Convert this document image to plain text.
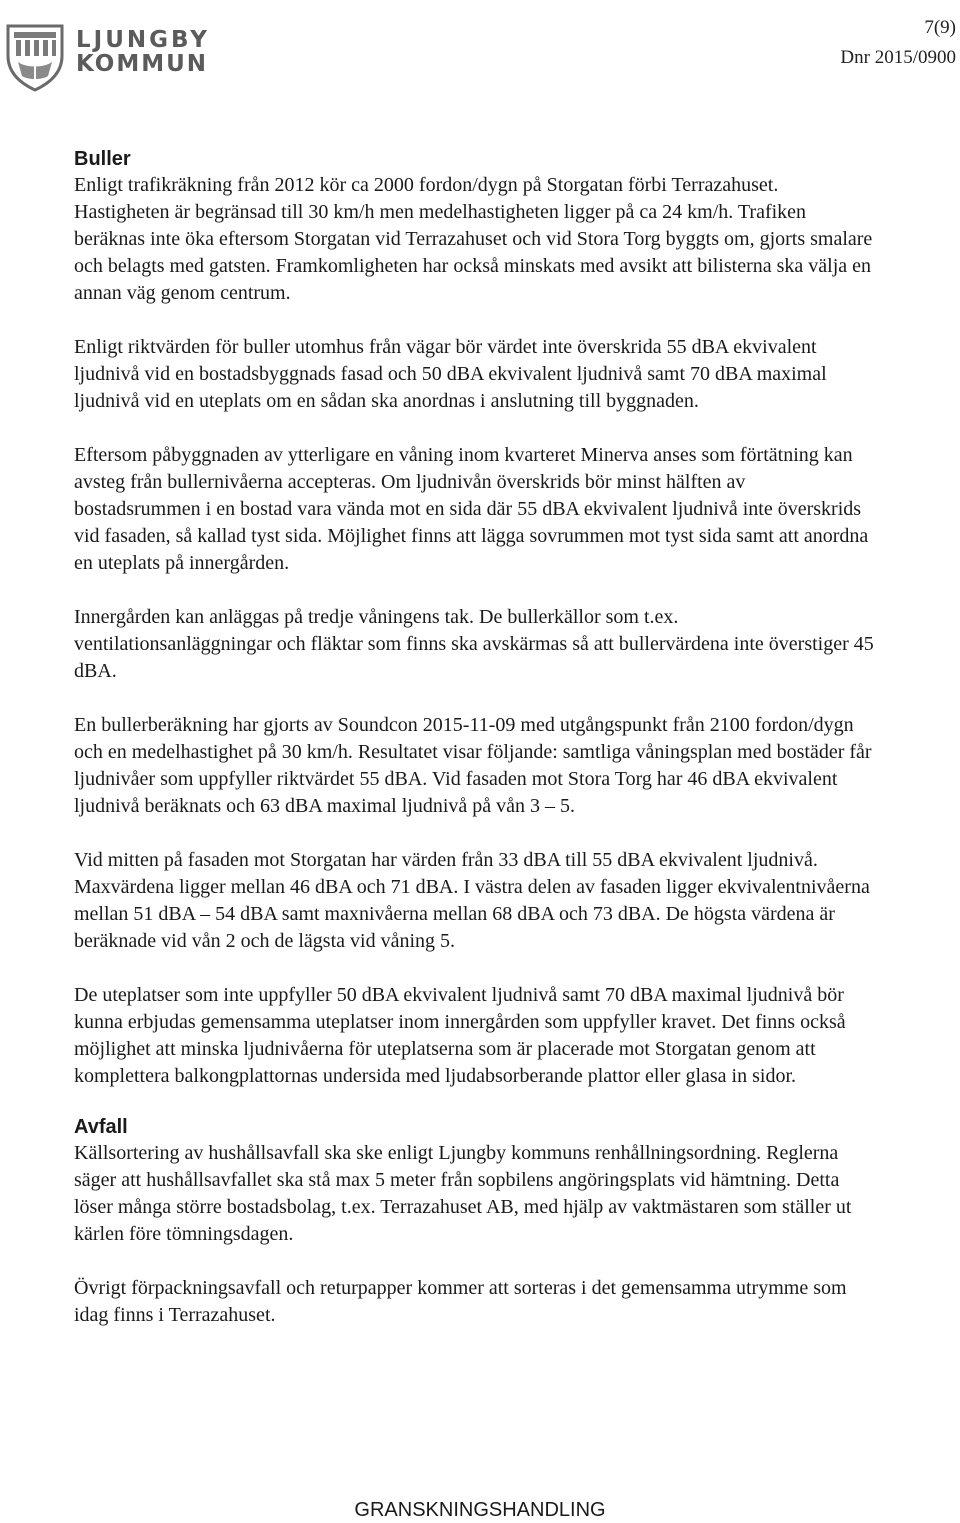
LJUNGBY
KOMMUN
7(9)
Dnr 2015/0900
Buller

Enligt trafikräkning från 2012 kör ca 2000 fordon/dygn på Storgatan förbi Terrazahuset. Hastigheten är begränsad till 30 km/h men medelhastigheten ligger på ca 24 km/h. Trafiken beräknas inte öka eftersom Storgatan vid Terrazahuset och vid Stora Torg byggts om, gjorts smalare och belagts med gatsten. Framkomligheten har också minskats med avsikt att bilisterna ska välja en annan väg genom centrum.

Enligt riktvärden för buller utomhus från vägar bör värdet inte överskrida 55 dBA ekvivalent ljudnivå vid en bostadsbyggnads fasad och 50 dBA ekvivalent ljudnivå samt 70 dBA maximal ljudnivå vid en uteplats om en sådan ska anordnas i anslutning till byggnaden.

Eftersom påbyggnaden av ytterligare en våning inom kvarteret Minerva anses som förtätning kan avsteg från bullernivåerna accepteras. Om ljudnivån överskrids bör minst hälften av bostadsrummen i en bostad vara vända mot en sida där 55 dBA ekvivalent ljudnivå inte överskrids vid fasaden, så kallad tyst sida. Möjlighet finns att lägga sovrummen mot tyst sida samt att anordna en uteplats på innergården.

Innergården kan anläggas på tredje våningens tak. De bullerkällor som t.ex. ventilationsanläggningar och fläktar som finns ska avskärmas så att bullervärdena inte överstiger 45 dBA.

En bullerberäkning har gjorts av Soundcon 2015-11-09 med utgångspunkt från 2100 fordon/dygn och en medelhastighet på 30 km/h. Resultatet visar följande: samtliga våningsplan med bostäder får ljudnivåer som uppfyller riktvärdet 55 dBA. Vid fasaden mot Stora Torg har 46 dBA ekvivalent ljudnivå beräknats och 63 dBA maximal ljudnivå på vån 3 – 5.

Vid mitten på fasaden mot Storgatan har värden från 33 dBA till 55 dBA ekvivalent ljudnivå. Maxvärdena ligger mellan 46 dBA och 71 dBA. I västra delen av fasaden ligger ekvivalentnivåerna mellan 51 dBA – 54 dBA samt maxnivåerna mellan 68 dBA och 73 dBA. De högsta värdena är beräknade vid vån 2 och de lägsta vid våning 5.

De uteplatser som inte uppfyller 50 dBA ekvivalent ljudnivå samt 70 dBA maximal ljudnivå bör kunna erbjudas gemensamma uteplatser inom innergården som uppfyller kravet. Det finns också möjlighet att minska ljudnivåerna för uteplatserna som är placerade mot Storgatan genom att komplettera balkongplattornas undersida med ljudabsorberande plattor eller glasa in sidor.

Avfall

Källsortering av hushållsavfall ska ske enligt Ljungby kommuns renhållningsordning. Reglerna säger att hushållsavfallet ska stå max 5 meter från sopbilens angöringsplats vid hämtning. Detta löser många större bostadsbolag, t.ex. Terrazahuset AB, med hjälp av vaktmästaren som ställer ut kärlen före tömningsdagen.

Övrigt förpackningsavfall och returpapper kommer att sorteras i det gemensamma utrymme som idag finns i Terrazahuset.

GRANSKNINGSHANDLING
